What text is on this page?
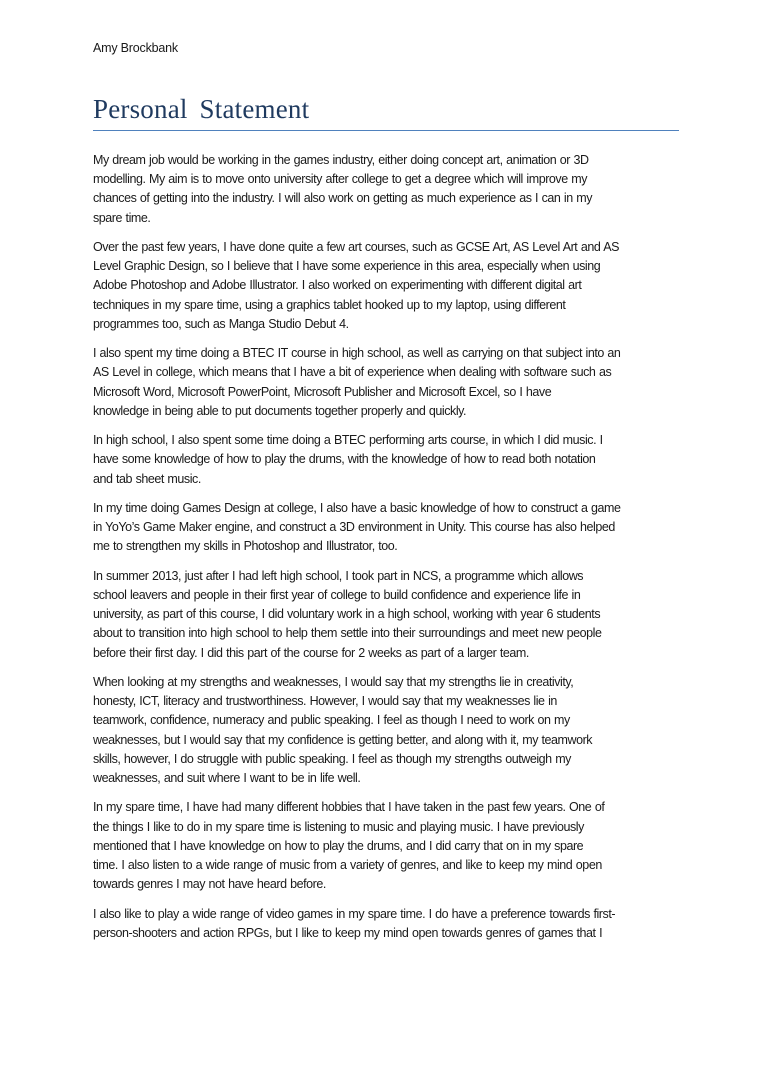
Amy Brockbank
Personal Statement

My dream job would be working in the games industry, either doing concept art, animation or 3D
modelling. My aim is to move onto university after college to get a degree which will improve my
chances of getting into the industry. I will also work on getting as much experience as I can in my
spare time.

Over the past few years, I have done quite a few art courses, such as GCSE Art, AS Level Art and AS
Level Graphic Design, so I believe that I have some experience in this area, especially when using
Adobe Photoshop and Adobe Illustrator. I also worked on experimenting with different digital art
techniques in my spare time, using a graphics tablet hooked up to my laptop, using different
programmes too, such as Manga Studio Debut 4.

I also spent my time doing a BTEC IT course in high school, as well as carrying on that subject into an
AS Level in college, which means that I have a bit of experience when dealing with software such as
Microsoft Word, Microsoft PowerPoint, Microsoft Publisher and Microsoft Excel, so I have
knowledge in being able to put documents together properly and quickly.

In high school, I also spent some time doing a BTEC performing arts course, in which I did music. I
have some knowledge of how to play the drums, with the knowledge of how to read both notation
and tab sheet music.

In my time doing Games Design at college, I also have a basic knowledge of how to construct a game
in YoYo’s Game Maker engine, and construct a 3D environment in Unity. This course has also helped
me to strengthen my skills in Photoshop and Illustrator, too.

In summer 2013, just after I had left high school, I took part in NCS, a programme which allows
school leavers and people in their first year of college to build confidence and experience life in
university, as part of this course, I did voluntary work in a high school, working with year 6 students
about to transition into high school to help them settle into their surroundings and meet new people
before their first day. I did this part of the course for 2 weeks as part of a larger team.

When looking at my strengths and weaknesses, I would say that my strengths lie in creativity,
honesty, ICT, literacy and trustworthiness. However, I would say that my weaknesses lie in
teamwork, confidence, numeracy and public speaking. I feel as though I need to work on my
weaknesses, but I would say that my confidence is getting better, and along with it, my teamwork
skills, however, I do struggle with public speaking. I feel as though my strengths outweigh my
weaknesses, and suit where I want to be in life well.

In my spare time, I have had many different hobbies that I have taken in the past few years. One of
the things I like to do in my spare time is listening to music and playing music. I have previously
mentioned that I have knowledge on how to play the drums, and I did carry that on in my spare
time. I also listen to a wide range of music from a variety of genres, and like to keep my mind open
towards genres I may not have heard before.

I also like to play a wide range of video games in my spare time. I do have a preference towards first-
person-shooters and action RPGs, but I like to keep my mind open towards genres of games that I
